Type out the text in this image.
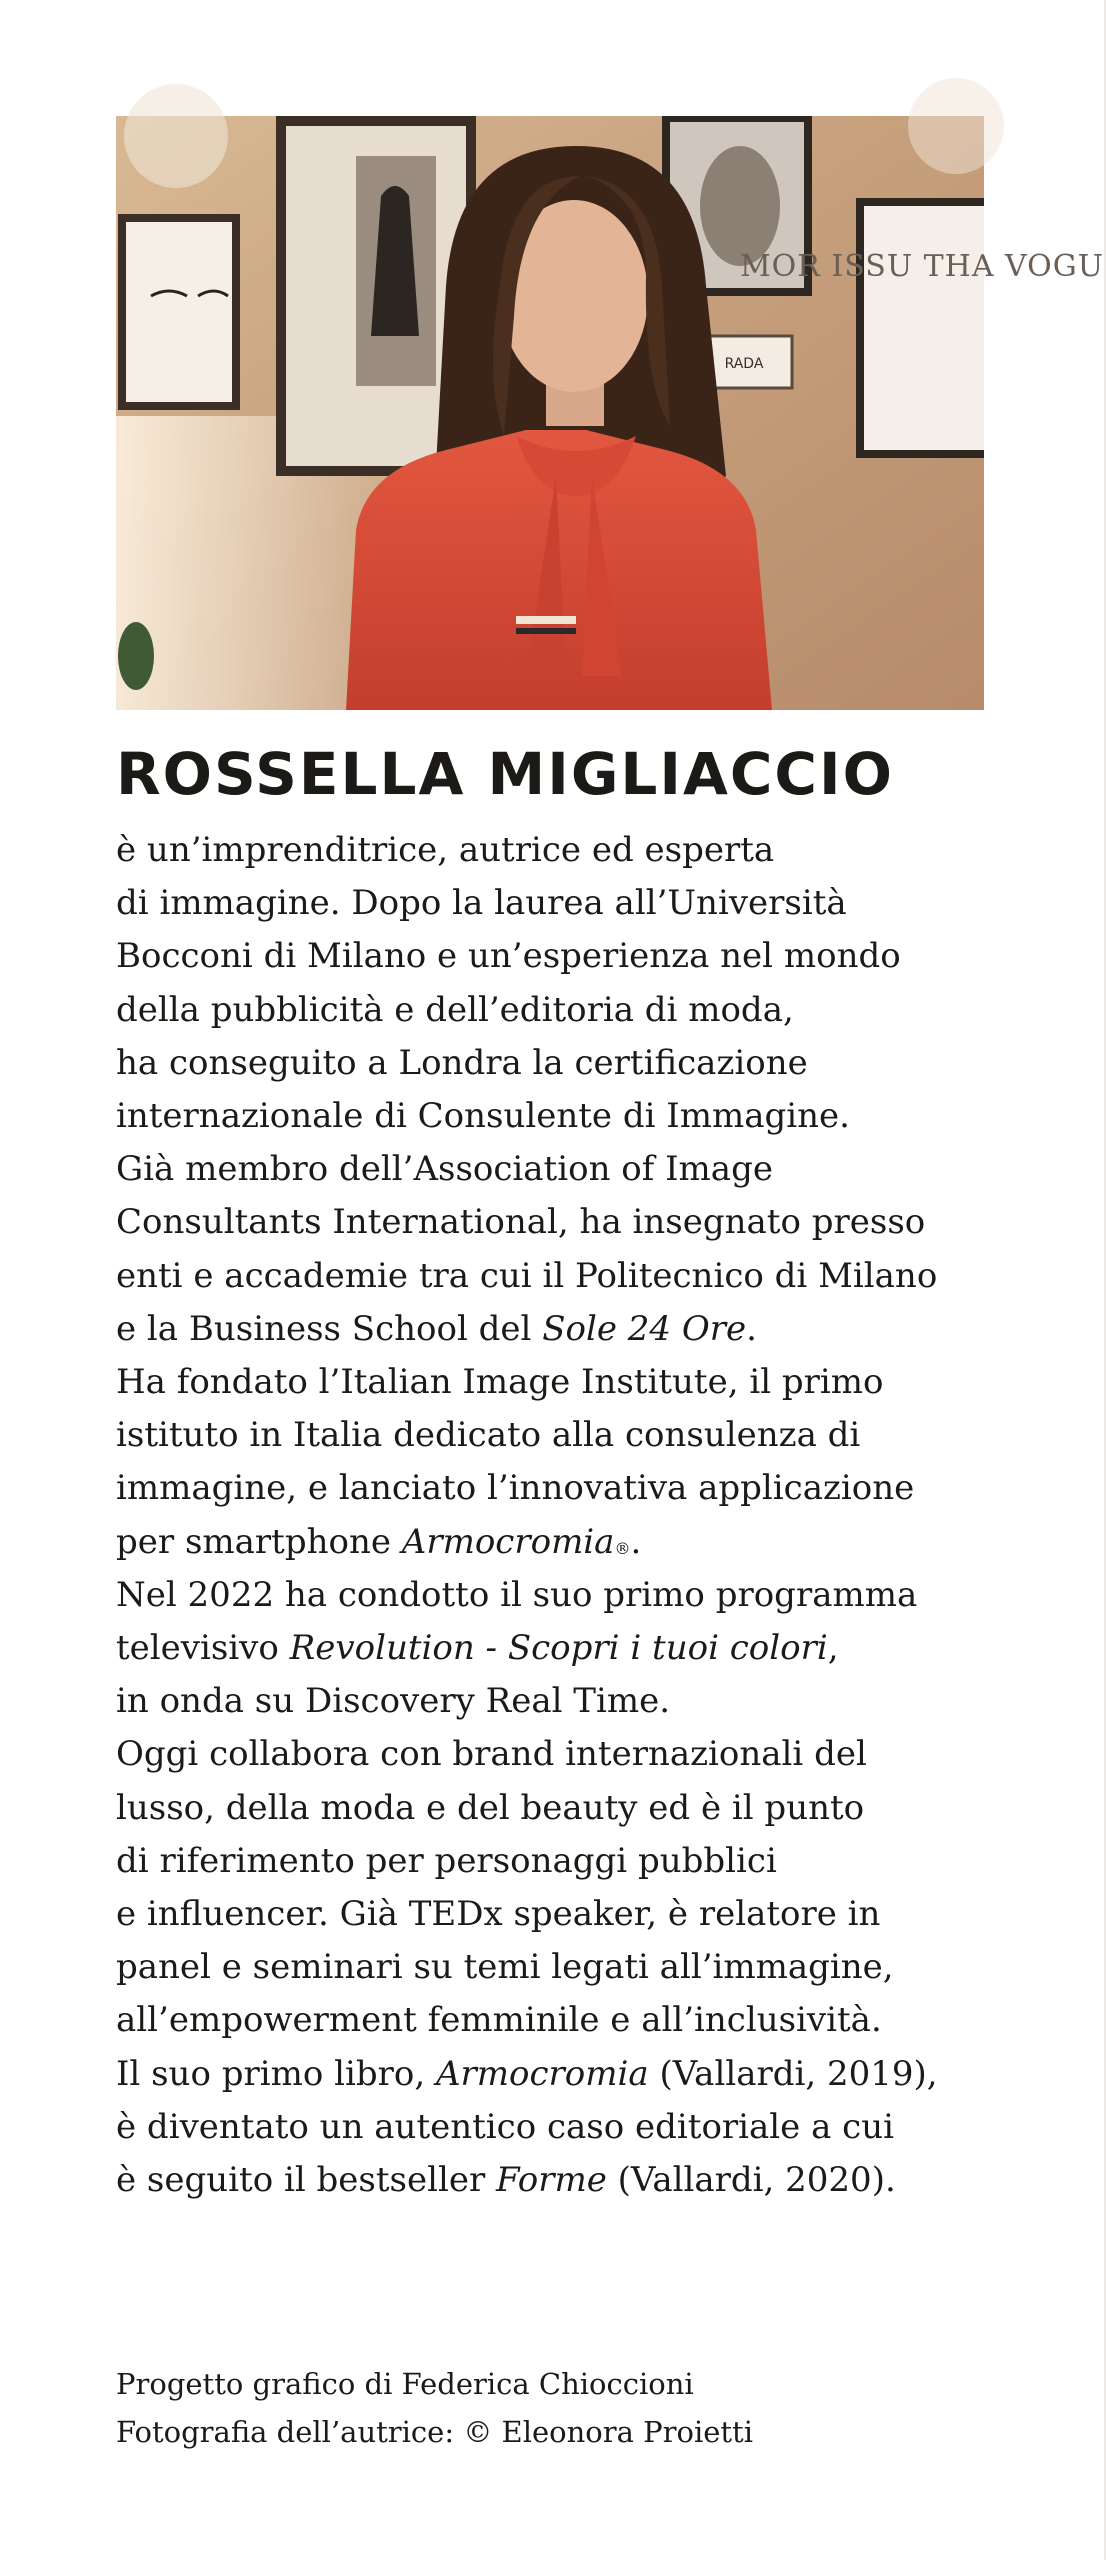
RADA
MOR ISSU THA VOGU
ROSSELLA MIGLIACCIO
è un’imprenditrice, autrice ed esperta
di immagine. Dopo la laurea all’Università
Bocconi di Milano e un’esperienza nel mondo
della pubblicità e dell’editoria di moda,
ha conseguito a Londra la certificazione
internazionale di Consulente di Immagine.
Già membro dell’Association of Image
Consultants International, ha insegnato presso
enti e accademie tra cui il Politecnico di Milano
e la Business School del Sole 24 Ore.
Ha fondato l’Italian Image Institute, il primo
istituto in Italia dedicato alla consulenza di
immagine, e lanciato l’innovativa applicazione
per smartphone Armocromia®.
Nel 2022 ha condotto il suo primo programma
televisivo Revolution - Scopri i tuoi colori,
in onda su Discovery Real Time.
Oggi collabora con brand internazionali del
lusso, della moda e del beauty ed è il punto
di riferimento per personaggi pubblici
e influencer. Già TEDx speaker, è relatore in
panel e seminari su temi legati all’immagine,
all’empowerment femminile e all’inclusività.
Il suo primo libro, Armocromia (Vallardi, 2019),
è diventato un autentico caso editoriale a cui
è seguito il bestseller Forme (Vallardi, 2020).
Progetto grafico di Federica Chioccioni
Fotografia dell’autrice: © Eleonora Proietti
